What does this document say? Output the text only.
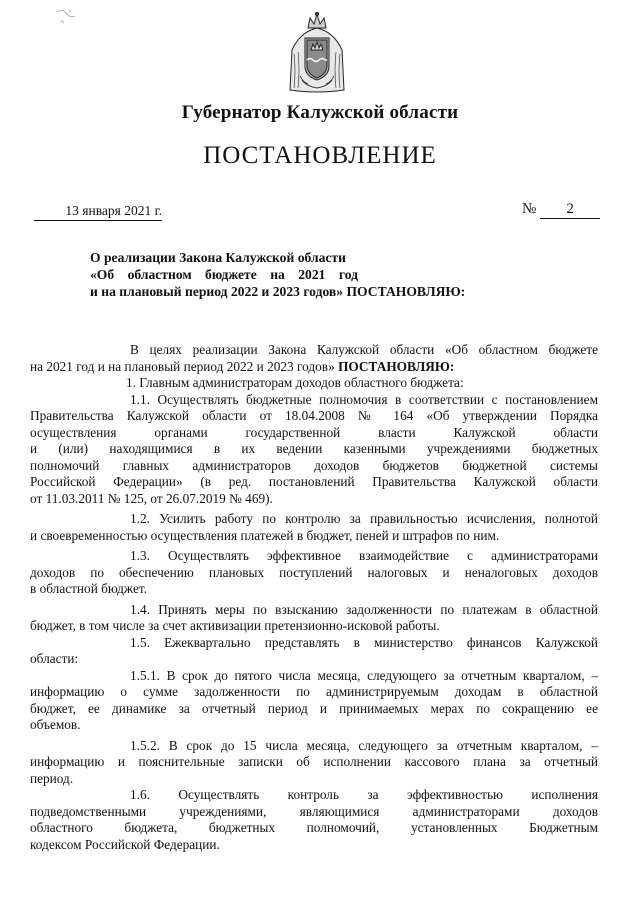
Губернатор Калужской области
ПОСТАНОВЛЕНИЕ
13 января 2021 г.	№ 2
О реализации Закона Калужской области
«Об областном бюджете на 2021 год
и на плановый период 2022 и 2023 годов» ПОСТАНОВЛЯЮ:

В целях реализации Закона Калужской области «Об областном бюджете
на 2021 год и на плановый период 2022 и 2023 годов» ПОСТАНОВЛЯЮ:

1. Главным администраторам доходов областного бюджета:

1.1. Осуществлять бюджетные полномочия в соответствии с постановлением
Правительства Калужской области от 18.04.2008 № 164 «Об утверждении Порядка
осуществления органами государственной власти Калужской области
и (или) находящимися в их ведении казенными учреждениями бюджетных
полномочий главных администраторов доходов бюджетов бюджетной системы
Российской Федерации» (в ред. постановлений Правительства Калужской области
от 11.03.2011 № 125, от 26.07.2019 № 469).

1.2. Усилить работу по контролю за правильностью исчисления, полнотой
и своевременностью осуществления платежей в бюджет, пеней и штрафов по ним.

1.3. Осуществлять эффективное взаимодействие с администраторами
доходов по обеспечению плановых поступлений налоговых и неналоговых доходов
в областной бюджет.

1.4. Принять меры по взысканию задолженности по платежам в областной
бюджет, в том числе за счет активизации претензионно-исковой работы.

1.5. Ежеквартально представлять в министерство финансов Калужской
области:

1.5.1. В срок до пятого числа месяца, следующего за отчетным кварталом, –
информацию о сумме задолженности по администрируемым доходам в областной
бюджет, ее динамике за отчетный период и принимаемых мерах по сокращению ее
объемов.

1.5.2. В срок до 15 числа месяца, следующего за отчетным кварталом, –
информацию и пояснительные записки об исполнении кассового плана за отчетный
период.

1.6. Осуществлять контроль за эффективностью исполнения
подведомственными учреждениями, являющимися администраторами доходов
областного бюджета, бюджетных полномочий, установленных Бюджетным
кодексом Российской Федерации.
